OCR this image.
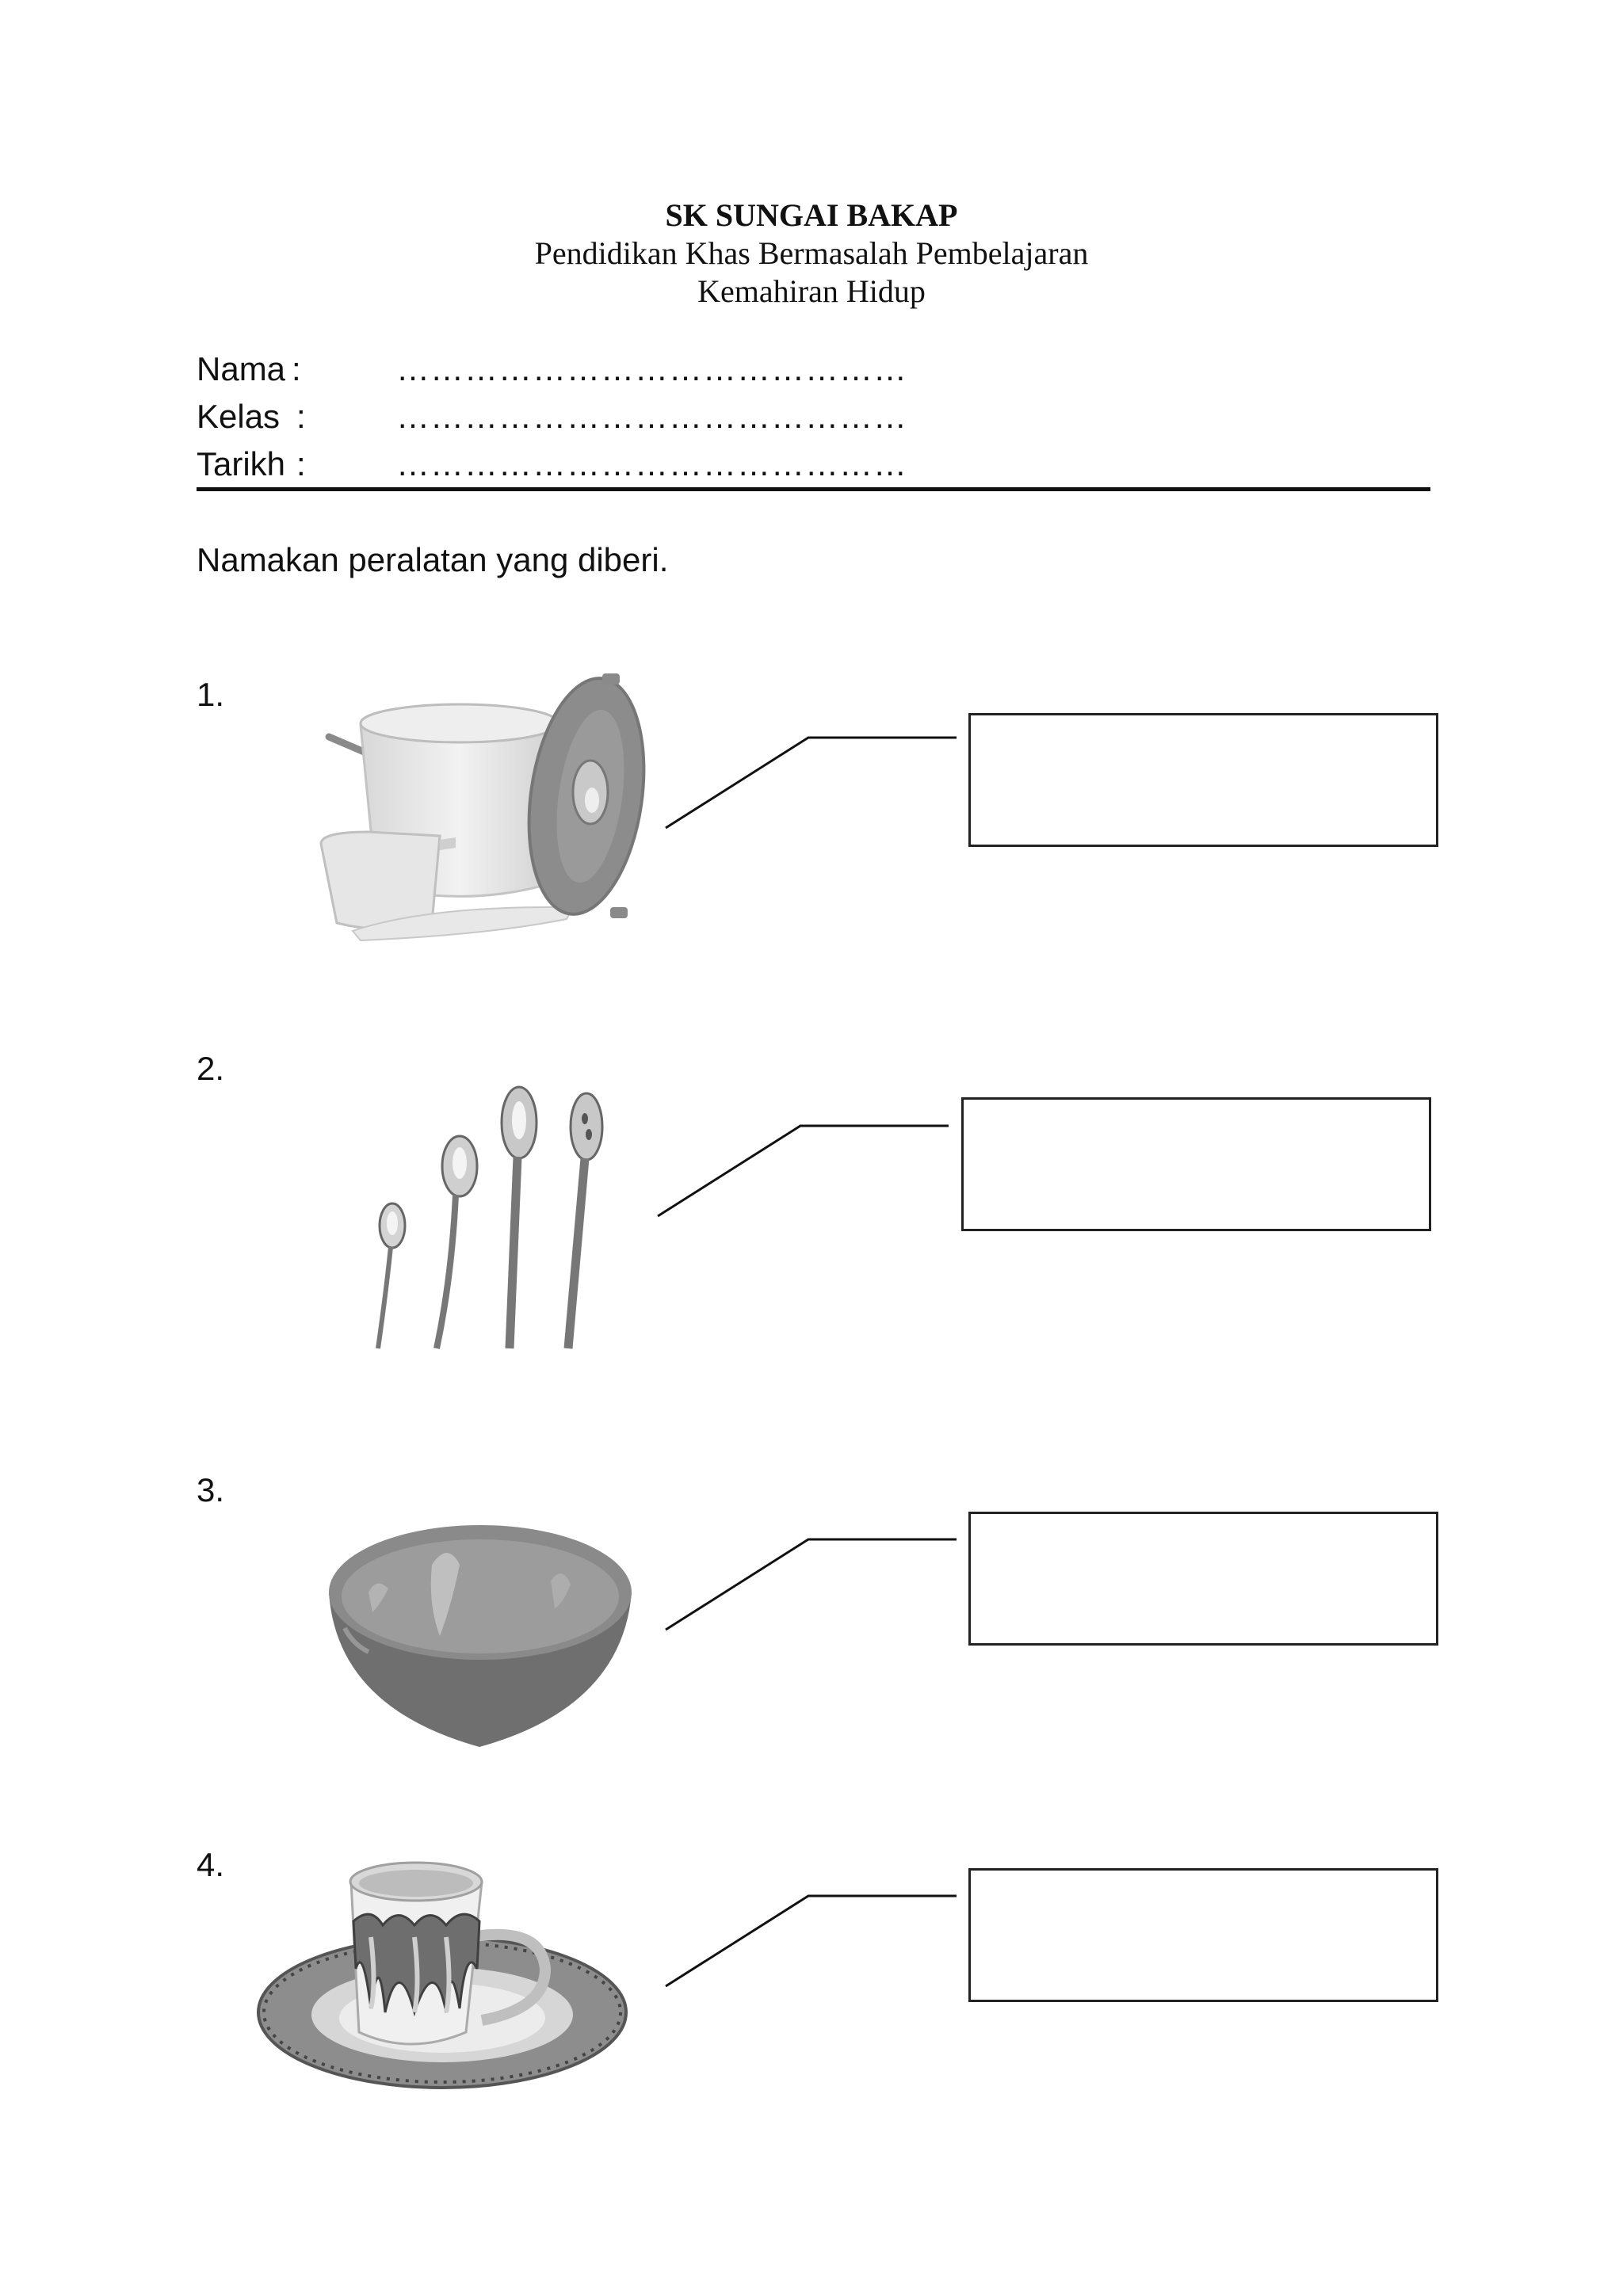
SK SUNGAI BAKAP
Pendidikan Khas Bermasalah Pembelajaran
Kemahiran Hidup
Nama :	………………………………………
Kelas :	………………………………………
Tarikh :	………………………………………
Namakan peralatan yang diberi.
1.
2.
3.
4.
